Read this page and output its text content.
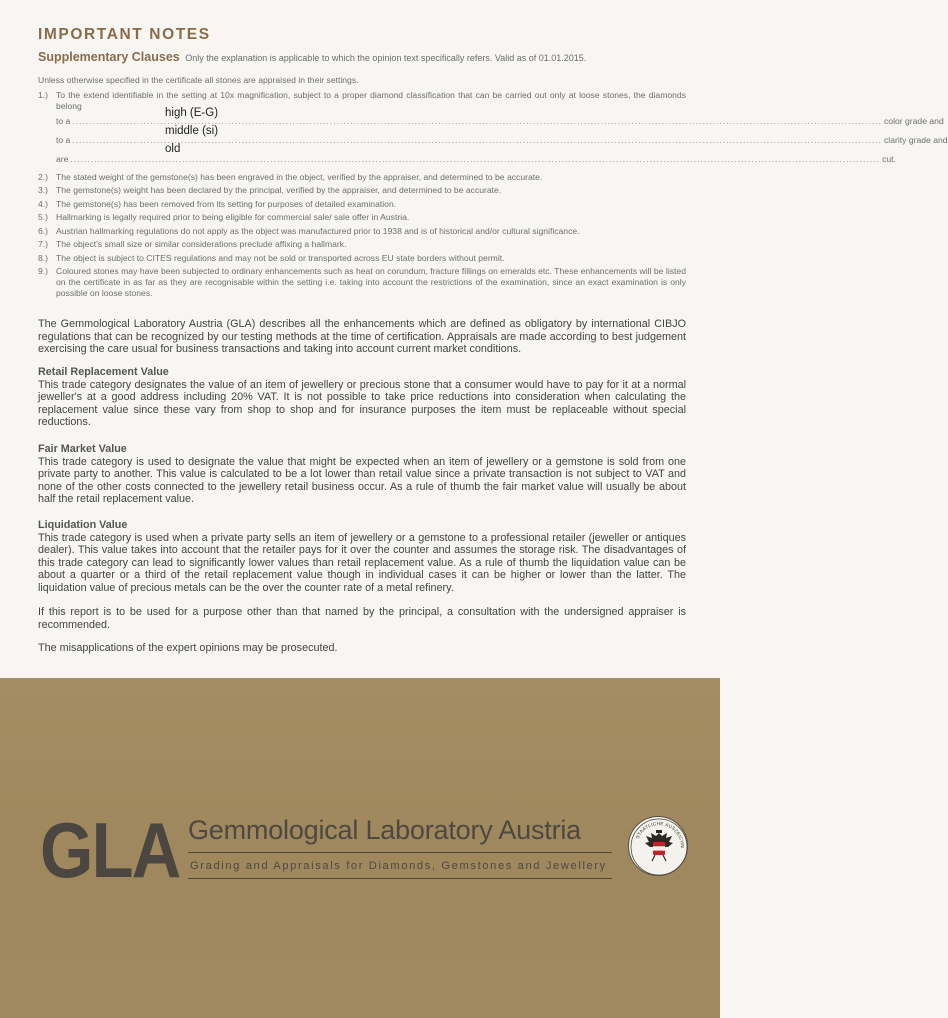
IMPORTANT NOTES
Supplementary Clauses Only the explanation is applicable to which the opinion text specifically refers. Valid as of 01.01.2015.
Unless otherwise specified in the certificate all stones are appraised in their settings.
1.) To the extend identifiable in the setting at 10x magnification, subject to a proper diamond classification that can be carried out only at loose stones, the diamonds belong
to a ............................................................................................................................................................................................................................................... color grade and
to a ............................................................................................................................................................................................................................................... clarity grade and
are ............................................................................................................................................................................................................................................... cut.
2.) The stated weight of the gemstone(s) has been engraved in the object, verified by the appraiser, and determined to be accurate.
3.) The gemstone(s) weight has been declared by the principal, verified by the appraiser, and determined to be accurate.
4.) The gemstone(s) has been removed from its setting for purposes of detailed examination.
5.) Hallmarking is legally required prior to being eligible for commercial sale/ sale offer in Austria.
6.) Austrian hallmarking regulations do not apply as the object was manufactured prior to 1938 and is of historical and/or cultural significance.
7.) The object's small size or similar considerations preclude affixing a hallmark.
8.) The object is subject to CITES regulations and may not be sold or transported across EU state borders without permit.
9.) Coloured stones may have been subjected to ordinary enhancements such as heat on corundum, fracture fillings on emeralds etc. These enhancements will be listed on the certificate in as far as they are recognisable within the setting i.e. taking into account the restrictions of the examination, since an exact examination is only possible on loose stones.
high (E-G)
middle (si)
old
The Gemmological Laboratory Austria (GLA) describes all the enhancements which are defined as obligatory by international CIBJO regulations that can be recognized by our testing methods at the time of certification. Appraisals are made according to best judgement exercising the care usual for business transactions and taking into account current market conditions.
Retail Replacement Value
This trade category designates the value of an item of jewellery or precious stone that a consumer would have to pay for it at a normal jeweller's at a good address including 20% VAT. It is not possible to take price reductions into consideration when calculating the replacement value since these vary from shop to shop and for insurance purposes the item must be replaceable without special reductions.
Fair Market Value
This trade category is used to designate the value that might be expected when an item of jewellery or a gemstone is sold from one private party to another. This value is calculated to be a lot lower than retail value since a private transaction is not subject to VAT and none of the other costs connected to the jewellery retail business occur. As a rule of thumb the fair market value will usually be about half the retail replacement value.
Liquidation Value
This trade category is used when a private party sells an item of jewellery or a gemstone to a professional retailer (jeweller or antiques dealer). This value takes into account that the retailer pays for it over the counter and assumes the storage risk. The disadvantages of this trade category can lead to significantly lower values than retail replacement value. As a rule of thumb the liquidation value can be about a quarter or a third of the retail replacement value though in individual cases it can be higher or lower than the latter. The liquidation value of precious metals can be the over the counter rate of a metal refinery.
If this report is to be used for a purpose other than that named by the principal, a consultation with the undersigned appraiser is recommended.
The misapplications of the expert opinions may be prosecuted.
GLA Gemmological Laboratory Austria
Grading and Appraisals for Diamonds, Gemstones and Jewellery
STAATLICHE AUSZEICHN
